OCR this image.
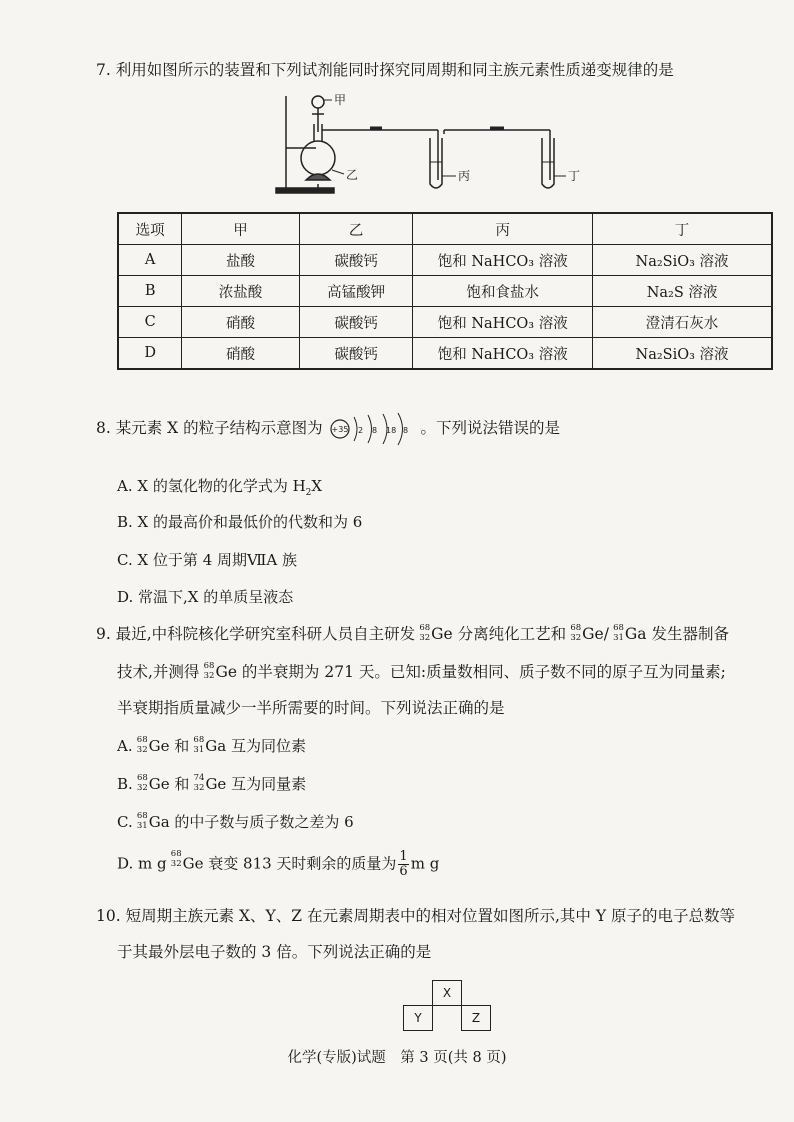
7. 利用如图所示的装置和下列试剂能同时探究同周期和同主族元素性质递变规律的是
甲
乙	丙	丁
选项	甲	乙	丙	丁
A	盐酸	碳酸钙	饱和 NaHCO₃ 溶液	Na₂SiO₃ 溶液
B	浓盐酸	高锰酸钾	饱和食盐水	Na₂S 溶液
C	硝酸	碳酸钙	饱和 NaHCO₃ 溶液	澄清石灰水
D	硝酸	碳酸钙	饱和 NaHCO₃ 溶液	Na₂SiO₃ 溶液
8. 某元素 X 的粒子结构示意图为 +35 2 8 18 8 。下列说法错误的是
A. X 的氢化物的化学式为 $H_2X$
B. X 的最高价和最低价的代数和为 6
C. X 位于第 4 周期ⅦA 族
D. 常温下,X 的单质呈液态
9. 最近,中科院核化学研究室科研人员自主研发 68
32 Ge 分离纯化工艺和 68
32 Ge/ 68
31 Ga 发生器制备
技术,并测得 68
32 Ge 的半衰期为 271 天。已知:质量数相同、质子数不同的原子互为同量素;
半衰期指质量减少一半所需要的时间。下列说法正确的是
A. 68
32 Ge 和 68
31 Ga 互为同位素
B. 68
32 Ge 和 74
32 Ge 互为同量素
C. 68
31 Ga 的中子数与质子数之差为 6
D. m g
68
32 Ge 衰变 813 天时剩余的质量为 $\frac{1}{6}$ m g
10. 短周期主族元素 X、Y、Z 在元素周期表中的相对位置如图所示,其中 Y 原子的电子总数等
于其最外层电子数的 3 倍。下列说法正确的是
	X	
Y		Z
化学(专版)试题　第 3 页(共 8 页)
